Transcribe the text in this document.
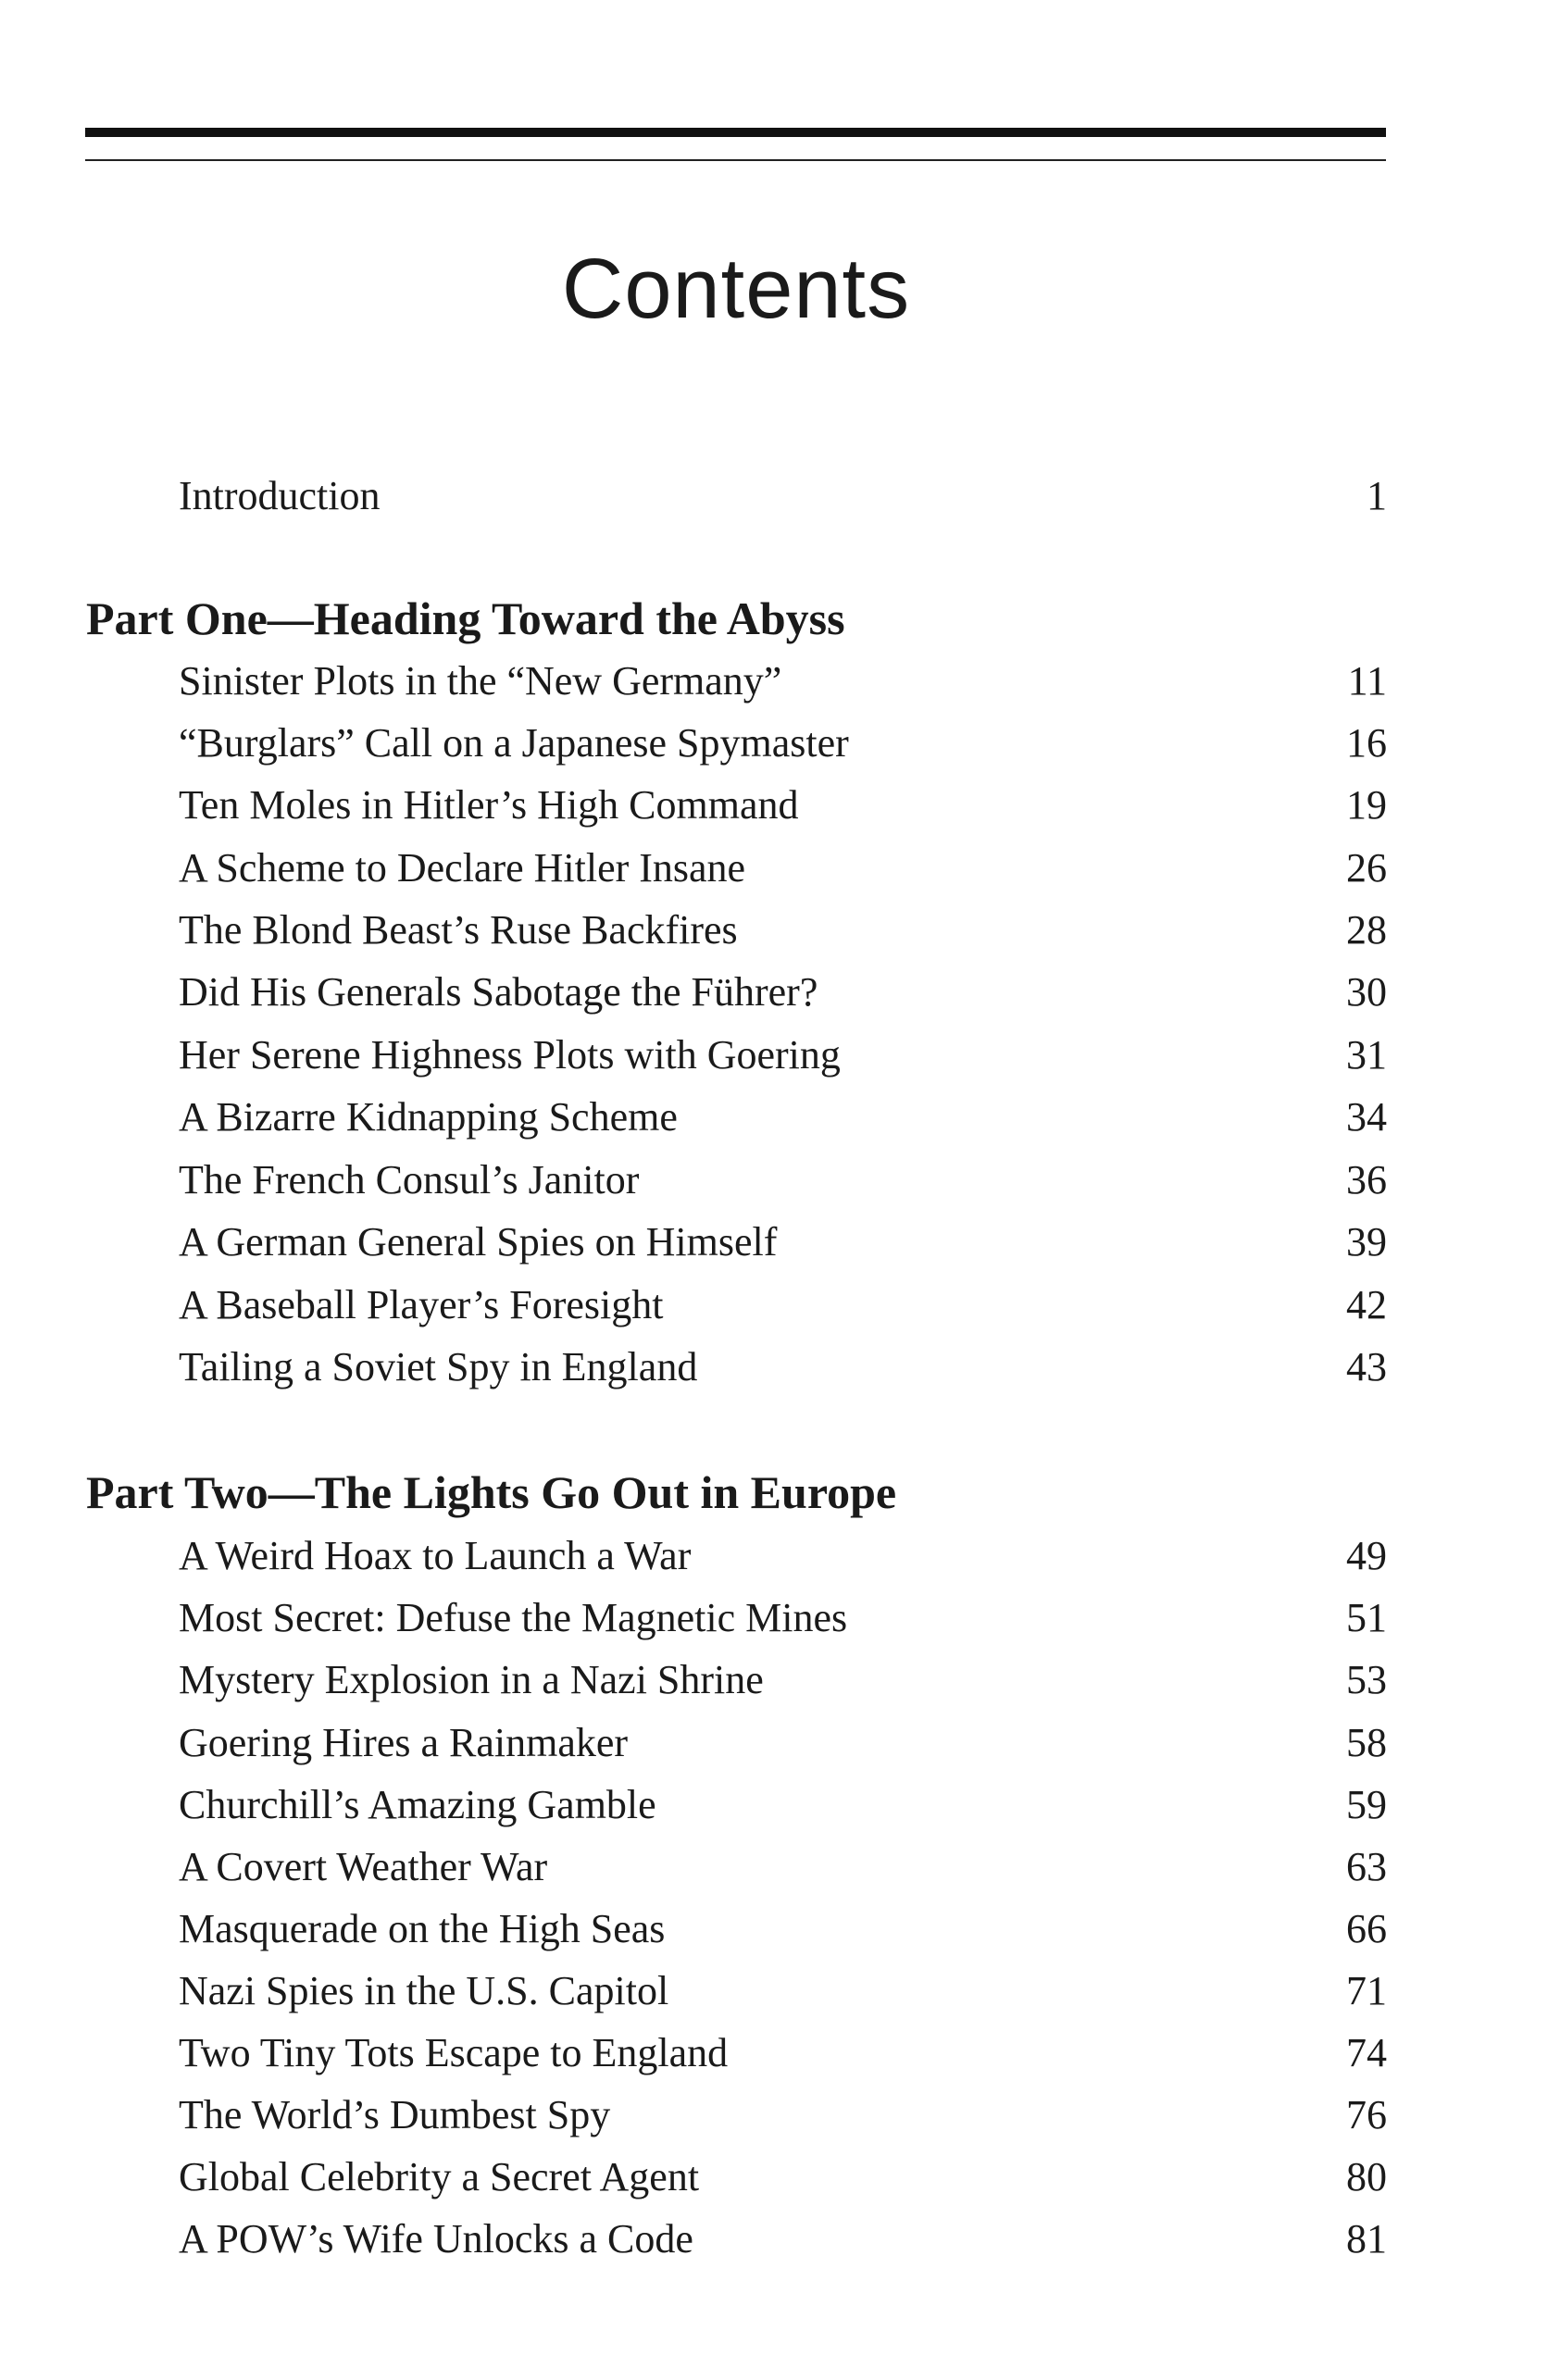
Contents
Introduction	1
Part One—Heading Toward the Abyss
Sinister Plots in the “New Germany”	11
“Burglars” Call on a Japanese Spymaster	16
Ten Moles in Hitler’s High Command	19
A Scheme to Declare Hitler Insane	26
The Blond Beast’s Ruse Backfires	28
Did His Generals Sabotage the Führer?	30
Her Serene Highness Plots with Goering	31
A Bizarre Kidnapping Scheme	34
The French Consul’s Janitor	36
A German General Spies on Himself	39
A Baseball Player’s Foresight	42
Tailing a Soviet Spy in England	43
Part Two—The Lights Go Out in Europe
A Weird Hoax to Launch a War	49
Most Secret: Defuse the Magnetic Mines	51
Mystery Explosion in a Nazi Shrine	53
Goering Hires a Rainmaker	58
Churchill’s Amazing Gamble	59
A Covert Weather War	63
Masquerade on the High Seas	66
Nazi Spies in the U.S. Capitol	71
Two Tiny Tots Escape to England	74
The World’s Dumbest Spy	76
Global Celebrity a Secret Agent	80
A POW’s Wife Unlocks a Code	81
